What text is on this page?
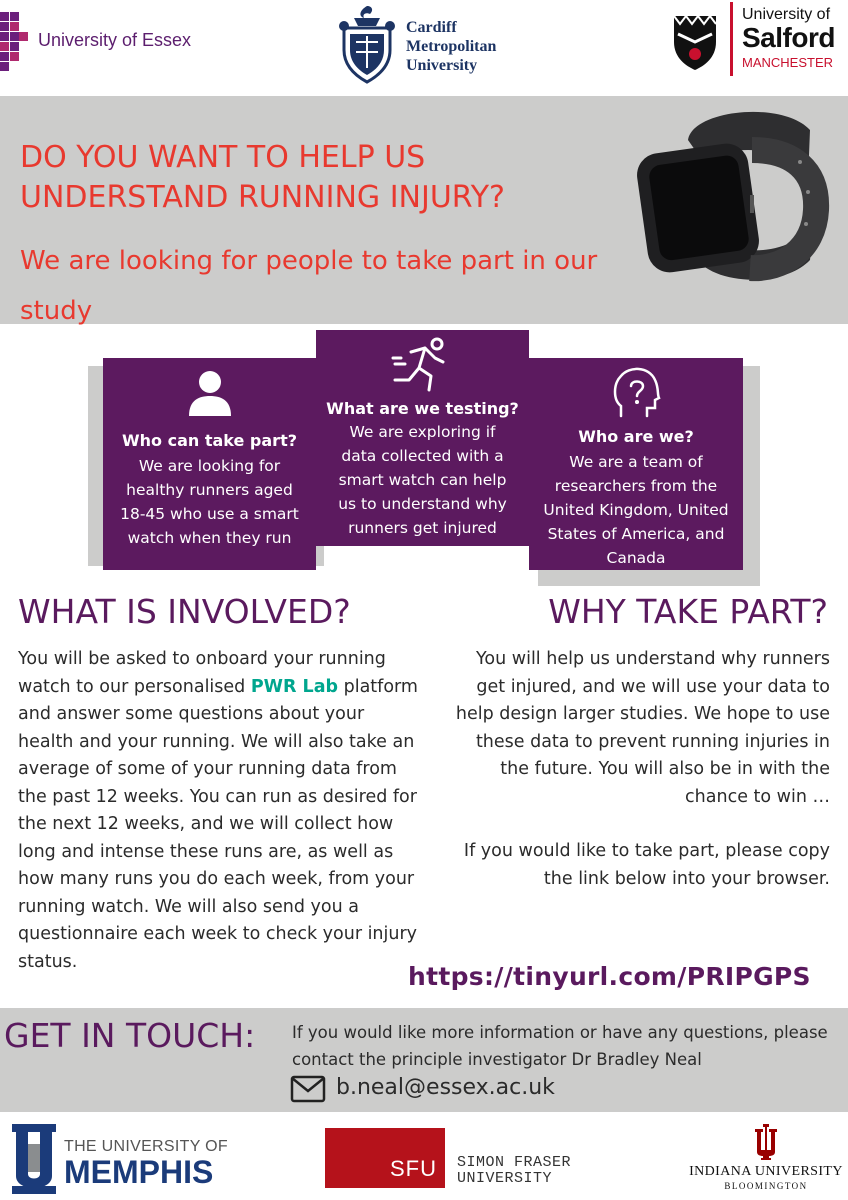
University of Essex
Cardiff
Metropolitan
University
University of
Salford
MANCHESTER
DO YOU WANT TO HELP US UNDERSTAND RUNNING INJURY?
We are looking for people to take part in our study
Who can take part?
We are looking for healthy runners aged 18-45 who use a smart watch when they run
What are we testing?
We are exploring if data collected with a smart watch can help us to understand why runners get injured
Who are we?
We are a team of researchers from the United Kingdom, United States of America, and Canada
WHAT IS INVOLVED?
You will be asked to onboard your running watch to our personalised PWR Lab platform and answer some questions about your health and your running. We will also take an average of some of your running data from the past 12 weeks. You can run as desired for the next 12 weeks, and we will collect how long and intense these runs are, as well as how many runs you do each week, from your running watch. We will also send you a questionnaire each week to check your injury status.
WHY TAKE PART?
You will help us understand why runners get injured, and we will use your data to help design larger studies. We hope to use these data to prevent running injuries in the future. You will also be in with the chance to win …
If you would like to take part, please copy the link below into your browser.
https://tinyurl.com/PRIPGPS
GET IN TOUCH: If you would like more information or have any questions, please contact the principle investigator Dr Bradley Neal
b.neal@essex.ac.uk
THE UNIVERSITY OF
MEMPHIS	SFU SIMON FRASER
UNIVERSITY	INDIANA UNIVERSITY
BLOOMINGTON
